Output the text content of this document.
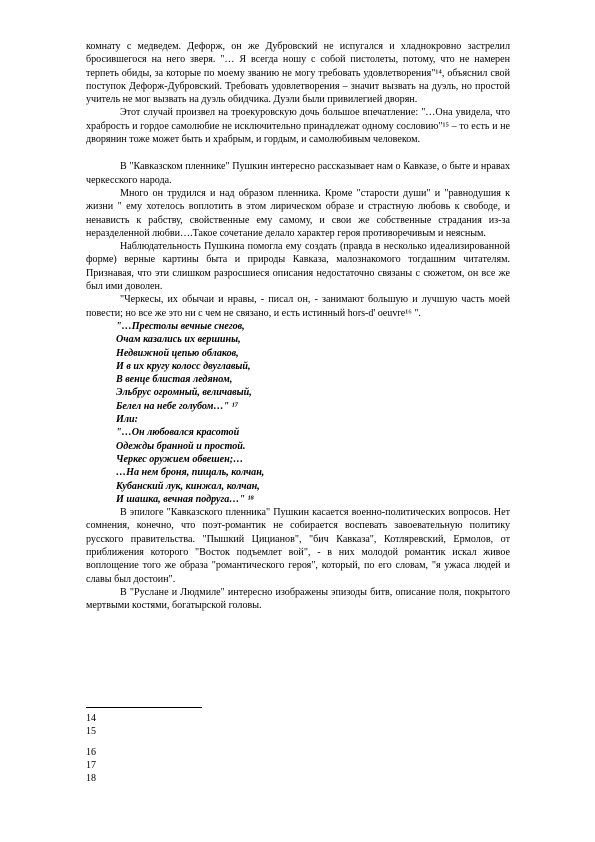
комнату с медведем. Дефорж, он же Дубровский не испугался и хладнокровно застрелил бросившегося на него зверя. "… Я всегда ношу с собой пистолеты, потому, что не намерен терпеть обиды, за которые по моему званию не могу требовать удовлетворения"¹⁴, объяснил свой поступок Дефорж-Дубровский. Требовать удовлетворения – значит вызвать на дуэль, но простой учитель не мог вызвать на дуэль обидчика. Дуэли были привилегией дворян.

Этот случай произвел на троекуровскую дочь большое впечатление: "…Она увидела, что храбрость и гордое самолюбие не исключительно принадлежат одному сословию"¹⁵ – то есть и не дворянин тоже может быть и храбрым, и гордым, и самолюбивым человеком.

В "Кавказском пленнике" Пушкин интересно рассказывает нам о Кавказе, о быте и нравах черкесского народа.

Много он трудился и над образом пленника. Кроме "старости души" и "равнодушия к жизни " ему хотелось воплотить в этом лирическом образе и страстную любовь к свободе, и ненависть к рабству, свойственные ему самому, и свои же собственные страдания из-за неразделенной любви….Такое сочетание делало характер героя противоречивым и неясным.

Наблюдательность Пушкина помогла ему создать (правда в несколько идеализированной форме) верные картины быта и природы Кавказа, малознакомого тогдашним читателям. Признавая, что эти слишком разросшиеся описания недостаточно связаны с сюжетом, он все же был ими доволен.

"Черкесы, их обычаи и нравы, - писал он, - занимают большую и лучшую часть моей повести; но все же это ни с чем не связано, и есть истинный hors-d' oeuvre¹⁶ ".

"…Престолы вечные снегов,
Очам казались их вершины,
Недвижной цепью облаков,
И в их кругу колосс двуглавый,
В венце блистая ледяном,
Эльбрус огромный, величавый,
Белел на небе голубом…" ¹⁷
Или:
"…Он любовался красотой
Одежды бранной и простой.
Черкес оружием обвешен;…
…На нем броня, пищаль, колчан,
Кубанский лук, кинжал, колчан,
И шашка, вечная подруга…" ¹⁸

В эпилоге "Кавказского пленника" Пушкин касается военно-политических вопросов. Нет сомнения, конечно, что поэт-романтик не собирается воспевать завоевательную политику русского правительства. "Пышкий Цицианов", "бич Кавказа", Котляревский, Ермолов, от приближения которого "Восток подъемлет вой", - в них молодой романтик искал живое воплощение того же образа "романтического героя", который, по его словам, "я ужаса людей и славы был достоин".

В "Руслане и Людмиле" интересно изображены эпизоды битв, описание поля, покрытого мертвыми костями, богатырской головы.

14
15
16
17
18
